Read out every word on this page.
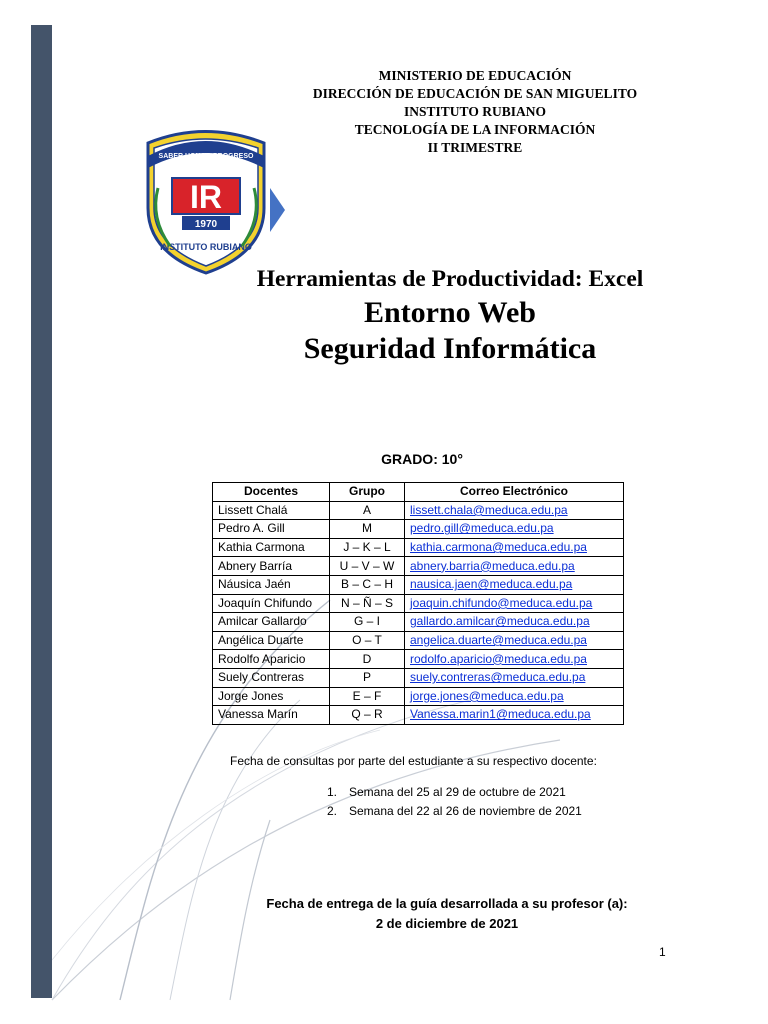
MINISTERIO DE EDUCACIÓN
DIRECCIÓN DE EDUCACIÓN DE SAN MIGUELITO
INSTITUTO RUBIANO
TECNOLOGÍA DE LA INFORMACIÓN
II TRIMESTRE
SABER HONOR PROGRESO
IR
1970
INSTITUTO RUBIANO
Herramientas de Productividad: Excel
Entorno Web
Seguridad Informática
GRADO: 10°
Docentes	Grupo	Correo Electrónico
Lissett Chalá	A	lissett.chala@meduca.edu.pa
Pedro A. Gill	M	pedro.gill@meduca.edu.pa
Kathia Carmona	J – K – L	kathia.carmona@meduca.edu.pa
Abnery Barría	U – V – W	abnery.barria@meduca.edu.pa
Náusica Jaén	B – C – H	nausica.jaen@meduca.edu.pa
Joaquín Chifundo	N – Ñ – S	joaquin.chifundo@meduca.edu.pa
Amilcar Gallardo	G – I	gallardo.amilcar@meduca.edu.pa
Angélica Duarte	O – T	angelica.duarte@meduca.edu.pa
Rodolfo Aparicio	D	rodolfo.aparicio@meduca.edu.pa
Suely Contreras	P	suely.contreras@meduca.edu.pa
Jorge Jones	E – F	jorge.jones@meduca.edu.pa
Vanessa Marín	Q – R	Vanessa.marin1@meduca.edu.pa
Fecha de consultas por parte del estudiante a su respectivo docente:
1. Semana del 25 al 29 de octubre de 2021
2. Semana del 22 al 26 de noviembre de 2021
Fecha de entrega de la guía desarrollada a su profesor (a):
2 de diciembre de 2021
1
